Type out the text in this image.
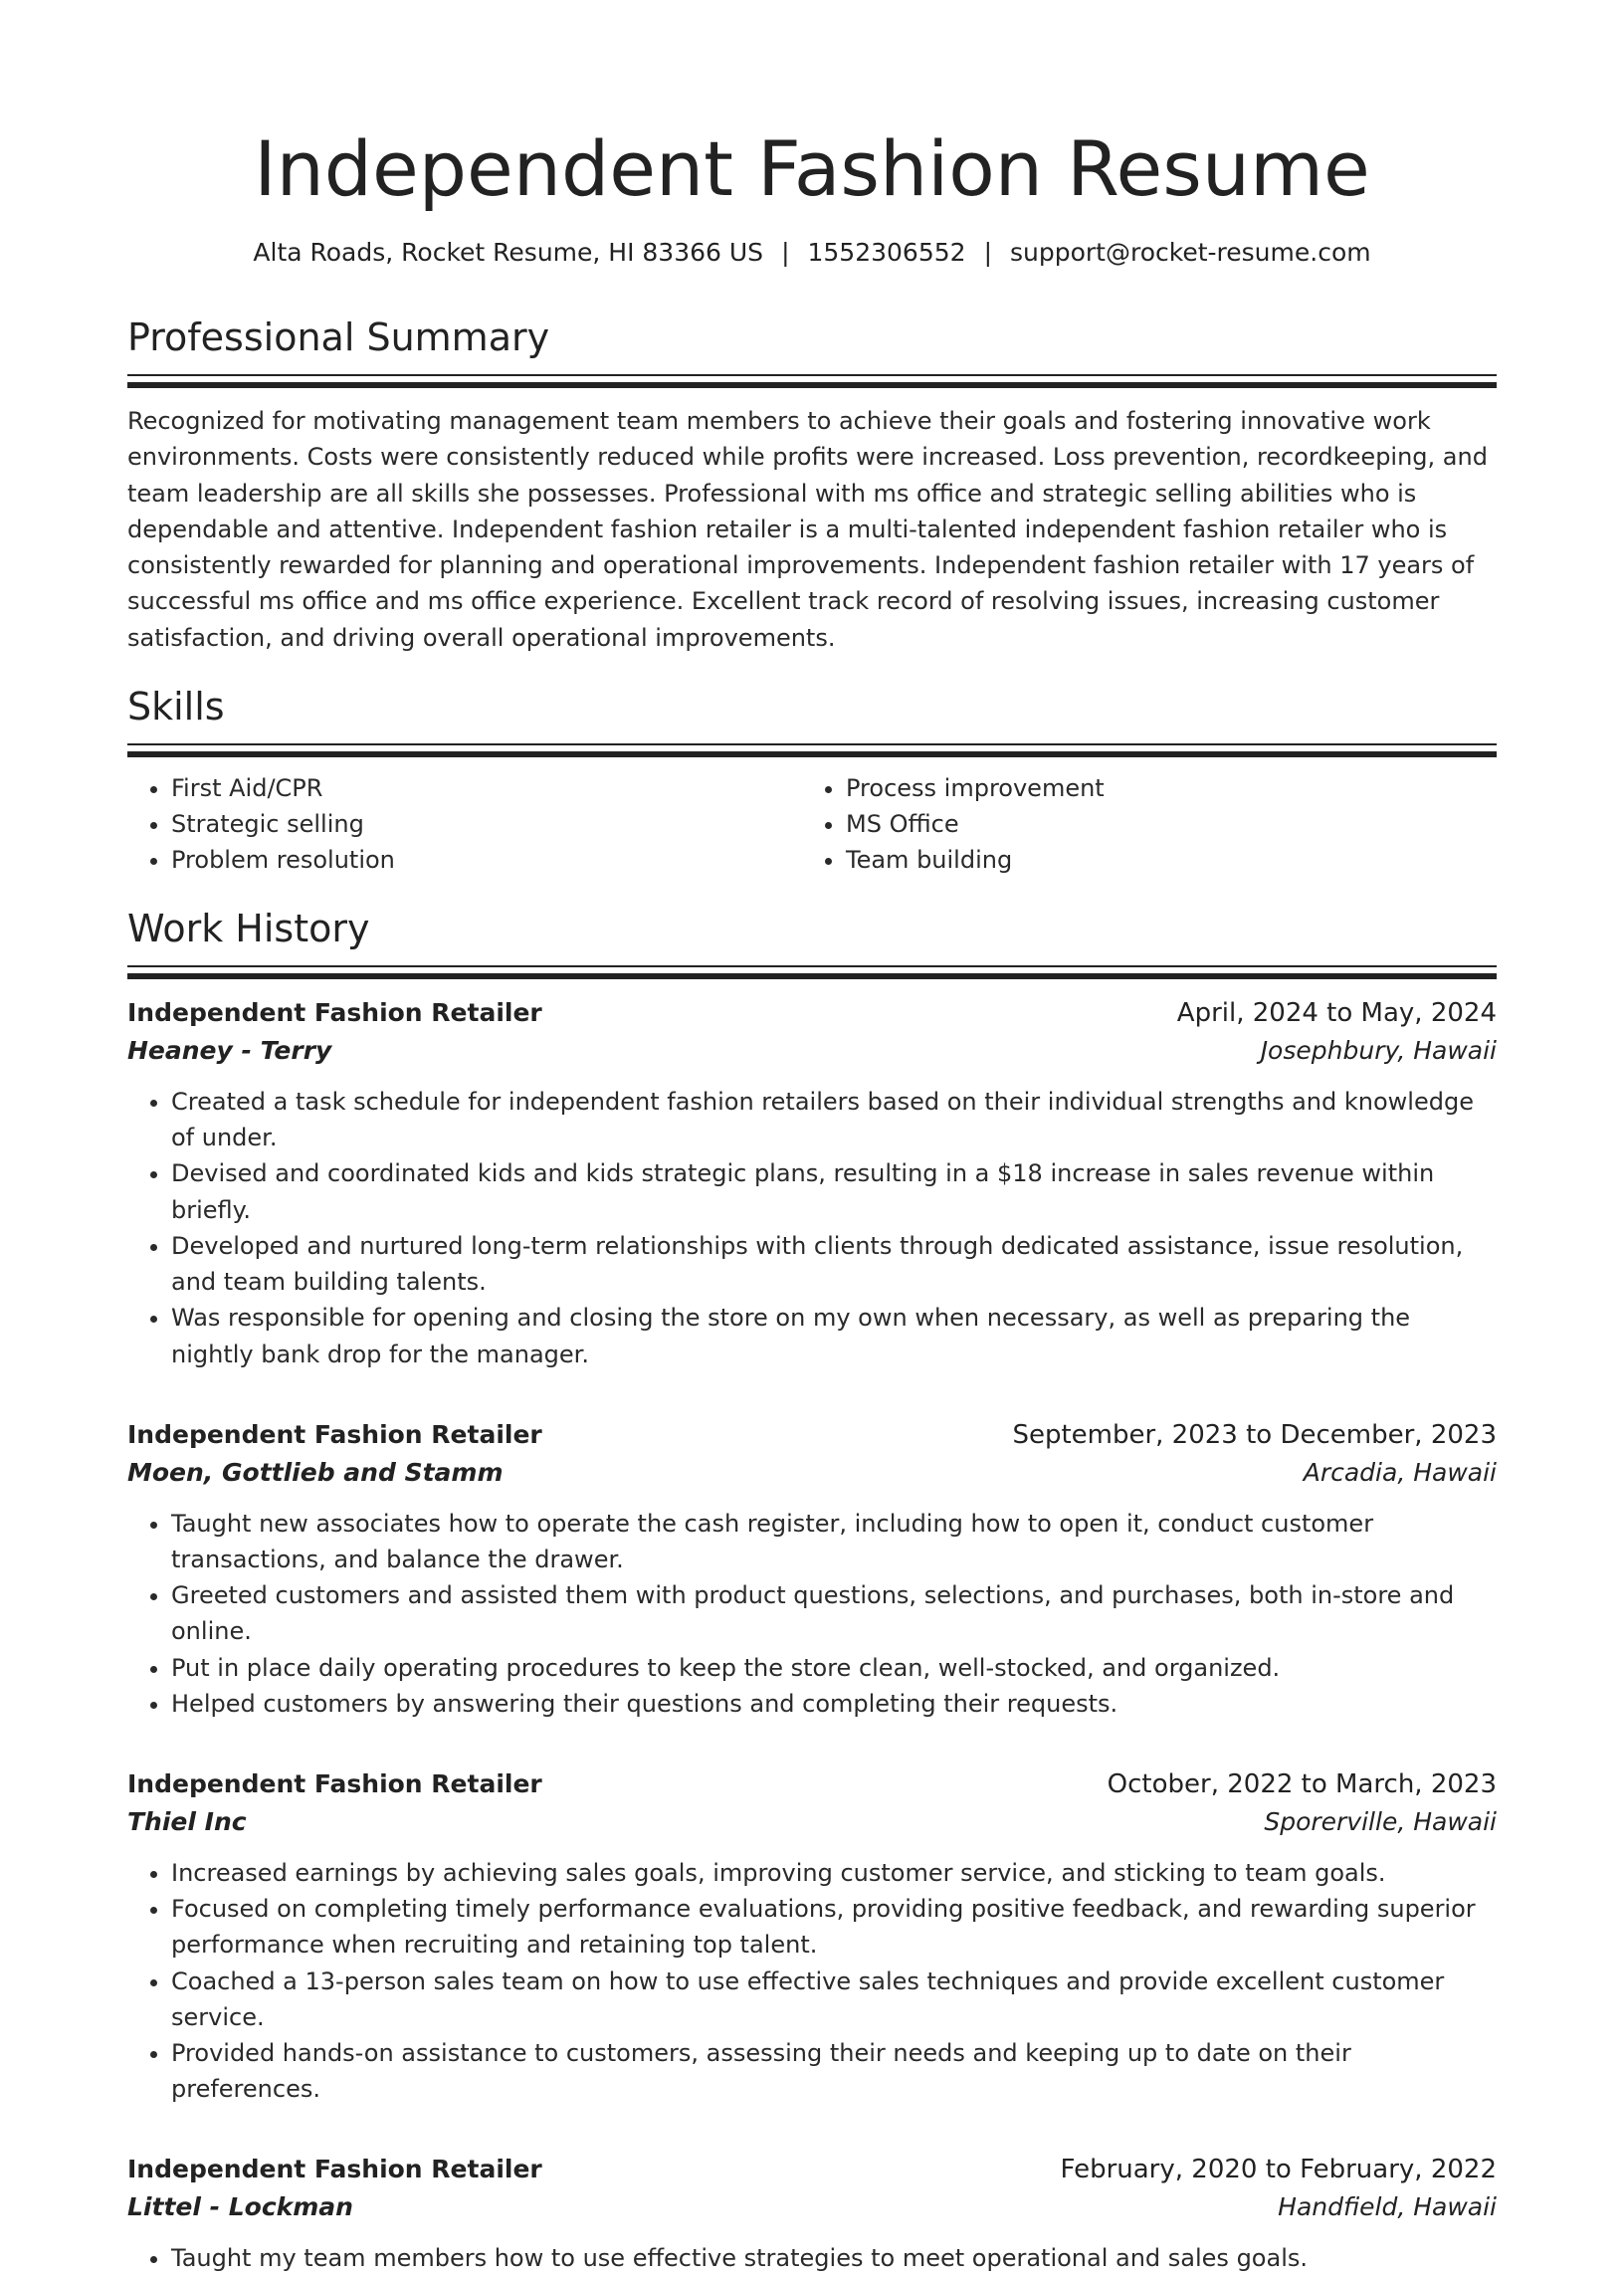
Independent Fashion Resume
Alta Roads, Rocket Resume, HI 83366 US | 1552306552 | support@rocket-resume.com
Professional Summary

Recognized for motivating management team members to achieve their goals and fostering innovative work environments. Costs were consistently reduced while profits were increased. Loss prevention, recordkeeping, and team leadership are all skills she possesses. Professional with ms office and strategic selling abilities who is dependable and attentive. Independent fashion retailer is a multi-talented independent fashion retailer who is consistently rewarded for planning and operational improvements. Independent fashion retailer with 17 years of successful ms office and ms office experience. Excellent track record of resolving issues, increasing customer satisfaction, and driving overall operational improvements.

Skills
• First Aid/CPR
• Strategic selling
• Problem resolution
• Process improvement
• MS Office
• Team building
Work History
Independent Fashion Retailer	April, 2024 to May, 2024
Heaney - Terry	Josephbury, Hawaii
• Created a task schedule for independent fashion retailers based on their individual strengths and knowledge of under.
• Devised and coordinated kids and kids strategic plans, resulting in a $18 increase in sales revenue within briefly.
• Developed and nurtured long-term relationships with clients through dedicated assistance, issue resolution, and team building talents.
• Was responsible for opening and closing the store on my own when necessary, as well as preparing the nightly bank drop for the manager.
Independent Fashion Retailer	September, 2023 to December, 2023
Moen, Gottlieb and Stamm	Arcadia, Hawaii
• Taught new associates how to operate the cash register, including how to open it, conduct customer transactions, and balance the drawer.
• Greeted customers and assisted them with product questions, selections, and purchases, both in-store and online.
• Put in place daily operating procedures to keep the store clean, well-stocked, and organized.
• Helped customers by answering their questions and completing their requests.
Independent Fashion Retailer	October, 2022 to March, 2023
Thiel Inc	Sporerville, Hawaii
• Increased earnings by achieving sales goals, improving customer service, and sticking to team goals.
• Focused on completing timely performance evaluations, providing positive feedback, and rewarding superior performance when recruiting and retaining top talent.
• Coached a 13-person sales team on how to use effective sales techniques and provide excellent customer service.
• Provided hands-on assistance to customers, assessing their needs and keeping up to date on their preferences.
Independent Fashion Retailer	February, 2020 to February, 2022
Littel - Lockman	Handfield, Hawaii
• Taught my team members how to use effective strategies to meet operational and sales goals.
